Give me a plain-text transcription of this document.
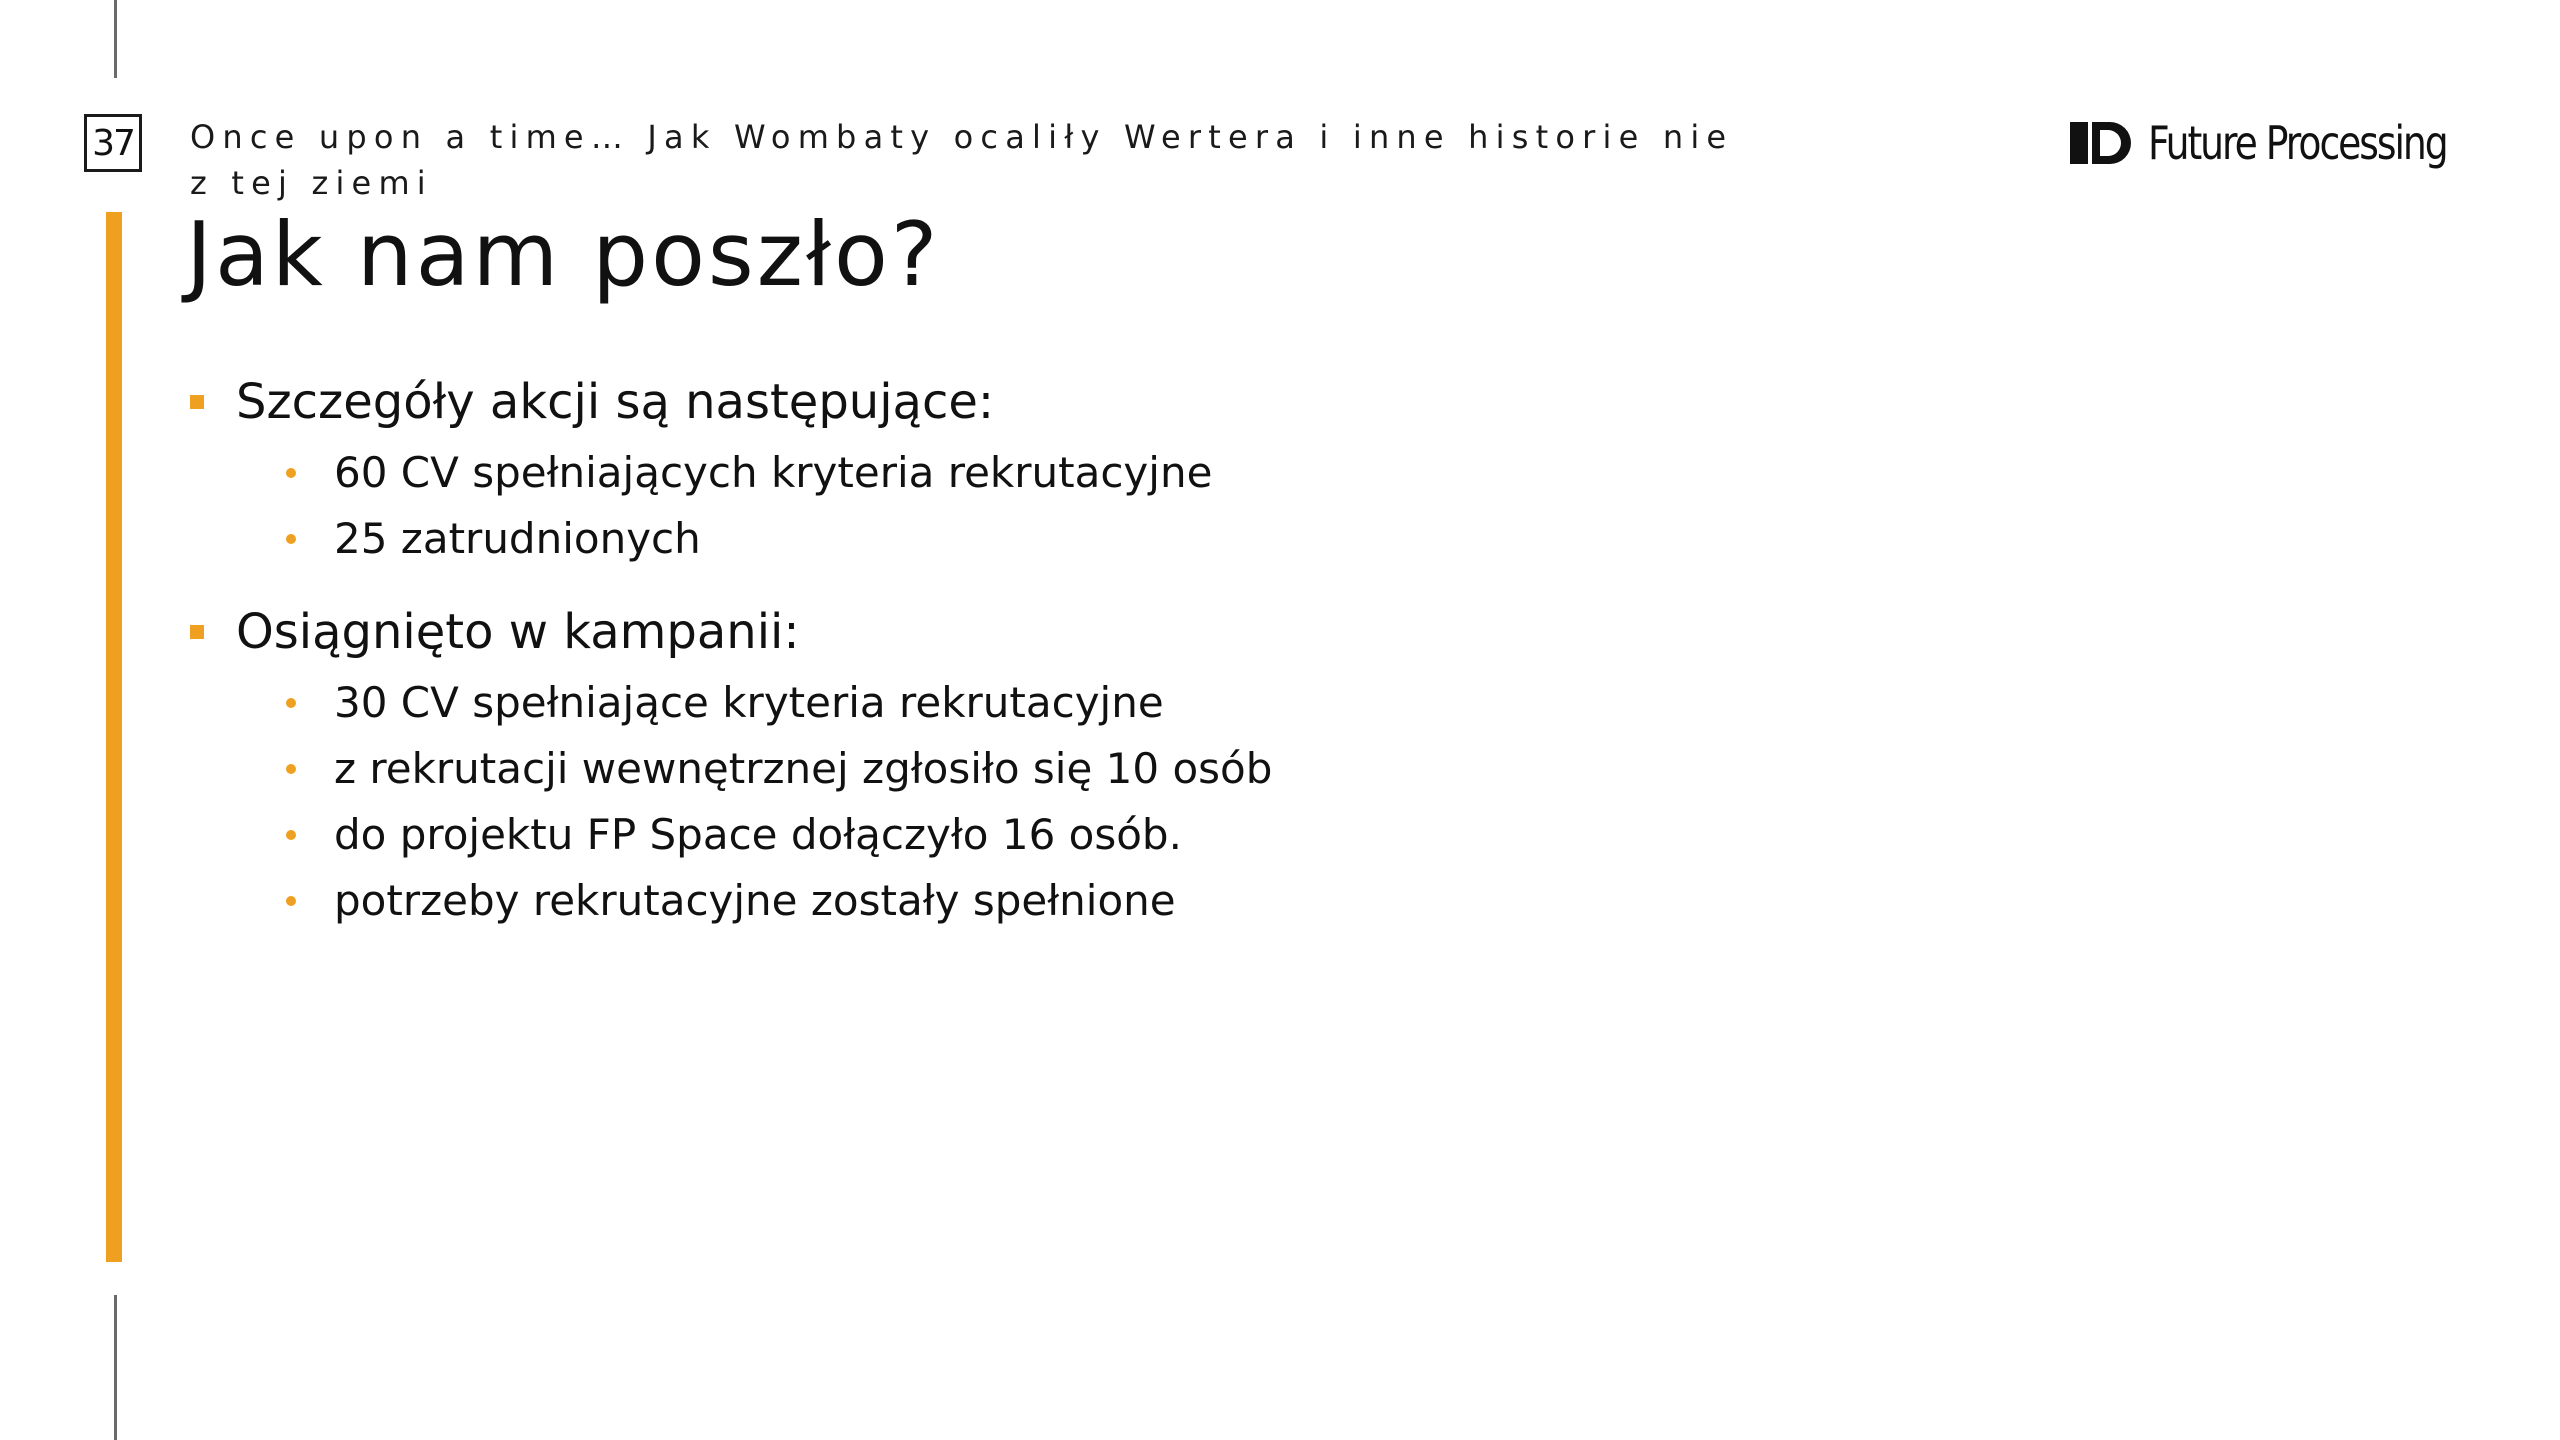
37 Once upon a time… Jak Wombaty ocaliły Wertera i inne historie nie z tej ziemi
Future Processing
Jak nam poszło?
Szczegóły akcji są następujące:
60 CV spełniających kryteria rekrutacyjne
25 zatrudnionych
Osiągnięto w kampanii:
30 CV spełniające kryteria rekrutacyjne
z rekrutacji wewnętrznej zgłosiło się 10 osób
do projektu FP Space dołączyło 16 osób.
potrzeby rekrutacyjne zostały spełnione
